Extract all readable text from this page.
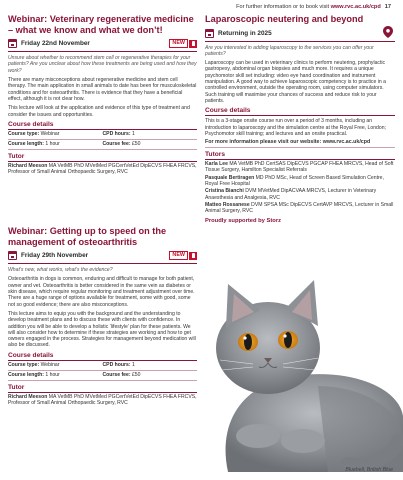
For further information or to book visit www.rvc.ac.uk/cpd 17
Webinar: Veterinary regenerative medicine – what we know and what we don’t!
Friday 22nd November	NEW
Unsure about whether to recommend stem cell or regenerative therapies for your patients? Are you unclear about how these treatments are being used and how they work?
There are many misconceptions about regenerative medicine and stem cell therapy. The main application in small animals to date has been for musculoskeletal conditions and for osteoarthritis. There is evidence that they have a beneficial effect, although it is not clear how.
This lecture will look at the application and evidence of this type of treatment and consider the issues and opportunities.
Course details
Course type: Webinar	CPD hours: 1
Course length: 1 hour	Course fee: £50
Tutor
Richard Meeson MA VetMB PhD MVetMed PGCertVetEd DipECVS FHEA FRCVS, Professor of Small Animal Orthopaedic Surgery, RVC
Laparoscopic neutering and beyond
Returning in 2025
Are you interested in adding laparoscopy to the services you can offer your patients?
Laparoscopy can be used in veterinary clinics to perform neutering, prophylactic gastropexy, abdominal organ biopsies and much more. It requires a unique psychomotor skill set including: video eye hand coordination and instrument manipulation. A good way to achieve laparoscopic competency is to practice in a controlled environment, outside the operating room, using computer simulators. Such training will maximise your chances of success and reduce risk to your patients.
Course details
This is a 3-stage onsite course run over a period of 3 months, including an introduction to laparoscopy and the simulation centre at the Royal Free, London; Psychomotor skill training; and lectures and an onsite practical.
For more information please visit our website: www.rvc.ac.uk/cpd
Tutors
Karla Lee MA VetMB PhD CertSAS DipECVS PGCAP FHEA MRCVS, Head of Soft Tissue Surgery, Hamilton Specialist Referrals
Pasquale Bertiragen MD PhD MSc, Head of Screen Based Simulation Centre, Royal Free Hospital
Cristina Bianchi DVM MVetMed DipACVAA MRCVS, Lecturer in Veterinary Anaesthesia and Analgesia, RVC
Matteo Rossanese DVM SPSA MSc DipECVS CertAVP MRCVS, Lecturer in Small Animal Surgery, RVC
Proudly supported by Storz
Webinar: Getting up to speed on the management of osteoarthritis
Friday 29th November	NEW
What’s new, what works, what’s the evidence?
Osteoarthritis in dogs is common, enduring and difficult to manage for both patient, owner and vet. Osteoarthritis is better considered in the same vein as diabetes or skin disease, which require regular monitoring and treatment adjustment over time. There are a huge range of options available for treatment, some with good, some not so good evidence; there are also misconceptions.
This lecture aims to equip you with the background and the understanding to develop treatment plans and to discuss these with clients with confidence. In addition you will be able to develop a holistic ‘lifestyle’ plan for these patients. We will also consider how to determine if these strategies are working and how to get owners engaged in the process. Strategies for management beyond medication will also be discussed.
Course details
Course type: Webinar	CPD hours: 1
Course length: 1 hour	Course fee: £50
Tutor
Richard Meeson MA VetMB PhD MVetMed PGCertVetEd DipECVS FHEA FRCVS, Professor of Small Animal Orthopaedic Surgery, RVC
Bluebell, British Blue
